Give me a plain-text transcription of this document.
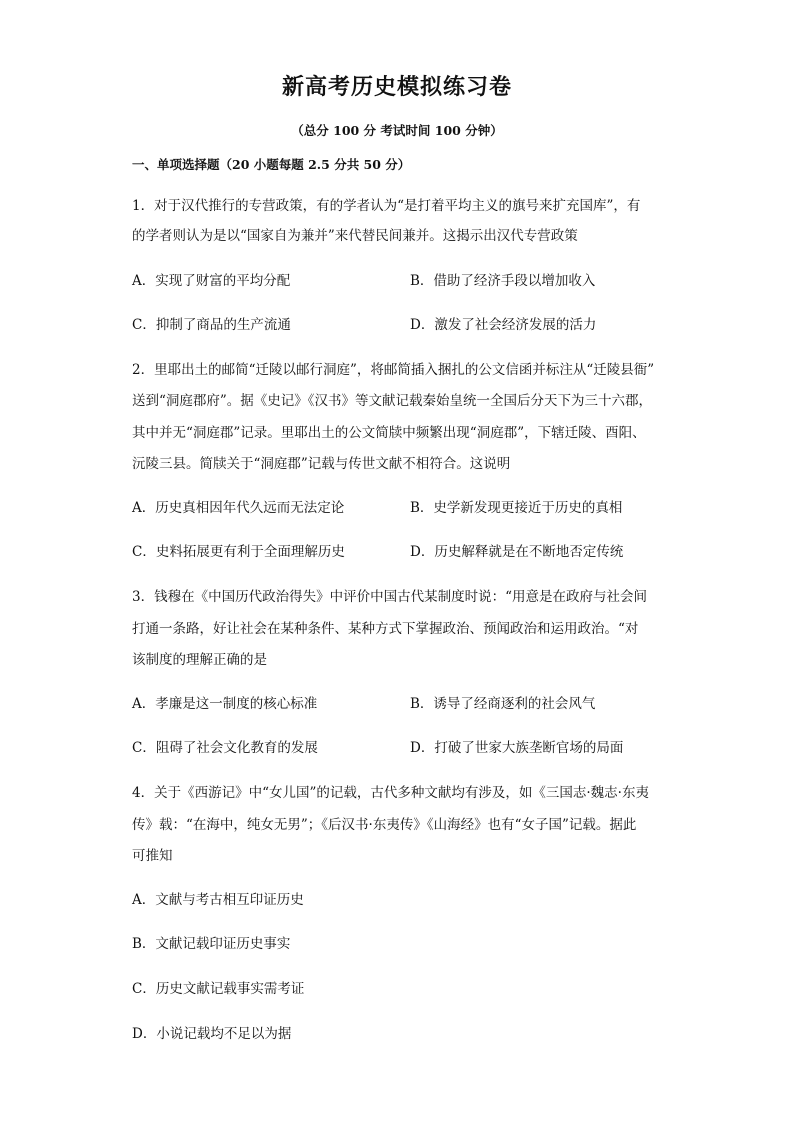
新高考历史模拟练习卷
（总分 100 分 考试时间 100 分钟）
一、单项选择题（20 小题每题 2.5 分共 50 分）
1．对于汉代推行的专营政策，有的学者认为“是打着平均主义的旗号来扩充国库”，有
的学者则认为是以“国家自为兼并”来代替民间兼并。这揭示出汉代专营政策
A．实现了财富的平均分配	B．借助了经济手段以增加收入
C．抑制了商品的生产流通	D．激发了社会经济发展的活力
2．里耶出土的邮简“迁陵以邮行洞庭”，将邮简插入捆扎的公文信函并标注从“迁陵县衙”
送到“洞庭郡府”。据《史记》《汉书》等文献记载秦始皇统一全国后分天下为三十六郡，
其中并无“洞庭郡”记录。里耶出土的公文简牍中频繁出现“洞庭郡”，下辖迁陵、酉阳、
沅陵三县。简牍关于“洞庭郡”记载与传世文献不相符合。这说明
A．历史真相因年代久远而无法定论	B．史学新发现更接近于历史的真相
C．史料拓展更有利于全面理解历史	D．历史解释就是在不断地否定传统
3．钱穆在《中国历代政治得失》中评价中国古代某制度时说：“用意是在政府与社会间
打通一条路，好让社会在某种条件、某种方式下掌握政治、预闻政治和运用政治。“对
该制度的理解正确的是
A．孝廉是这一制度的核心标准	B．诱导了经商逐利的社会风气
C．阻碍了社会文化教育的发展	D．打破了世家大族垄断官场的局面
4．关于《西游记》中“女儿国”的记载，古代多种文献均有涉及，如《三国志·魏志·东夷
传》载：“在海中，纯女无男”；《后汉书·东夷传》《山海经》也有“女子国”记载。据此
可推知
A．文献与考古相互印证历史
B．文献记载印证历史事实
C．历史文献记载事实需考证
D．小说记载均不足以为据
